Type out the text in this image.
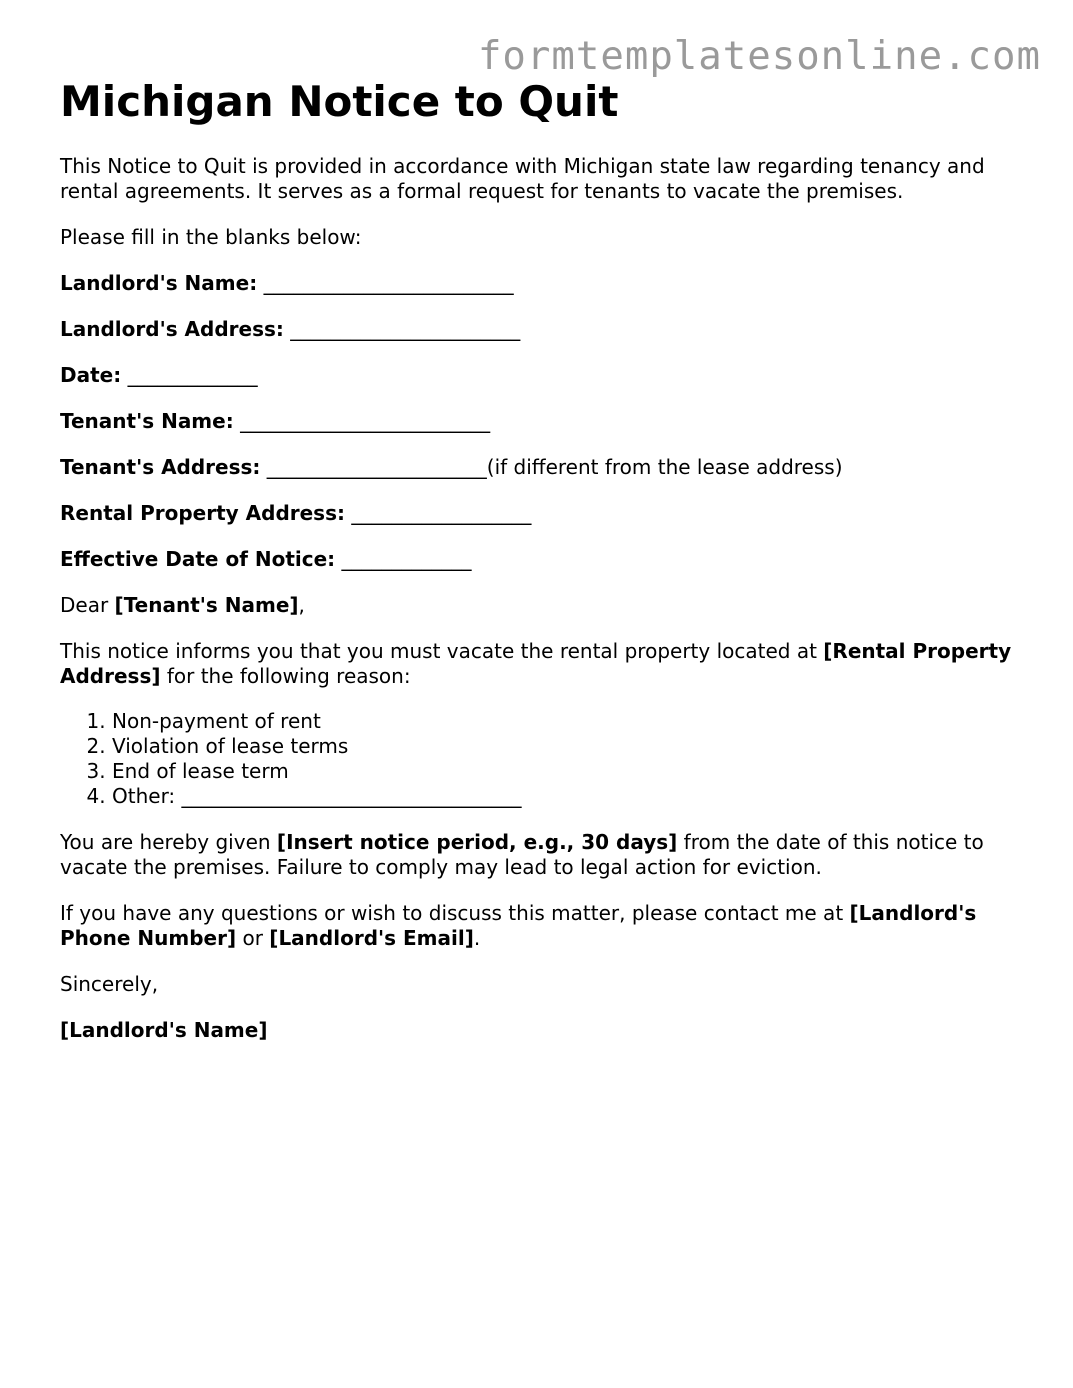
formtemplatesonline.com
Michigan Notice to Quit

This Notice to Quit is provided in accordance with Michigan state law regarding tenancy and rental agreements. It serves as a formal request for tenants to vacate the premises.

Please fill in the blanks below:

Landlord's Name: _________________________

Landlord's Address: _______________________

Date: _____________

Tenant's Name: _________________________

Tenant's Address: ______________________(if different from the lease address)

Rental Property Address: __________________

Effective Date of Notice: _____________

Dear [Tenant's Name],

This notice informs you that you must vacate the rental property located at [Rental Property Address] for the following reason:

1. Non-payment of rent
2. Violation of lease terms
3. End of lease term
4. Other: __________________________________

You are hereby given [Insert notice period, e.g., 30 days] from the date of this notice to vacate the premises. Failure to comply may lead to legal action for eviction.

If you have any questions or wish to discuss this matter, please contact me at [Landlord's Phone Number] or [Landlord's Email].

Sincerely,

[Landlord's Name]
